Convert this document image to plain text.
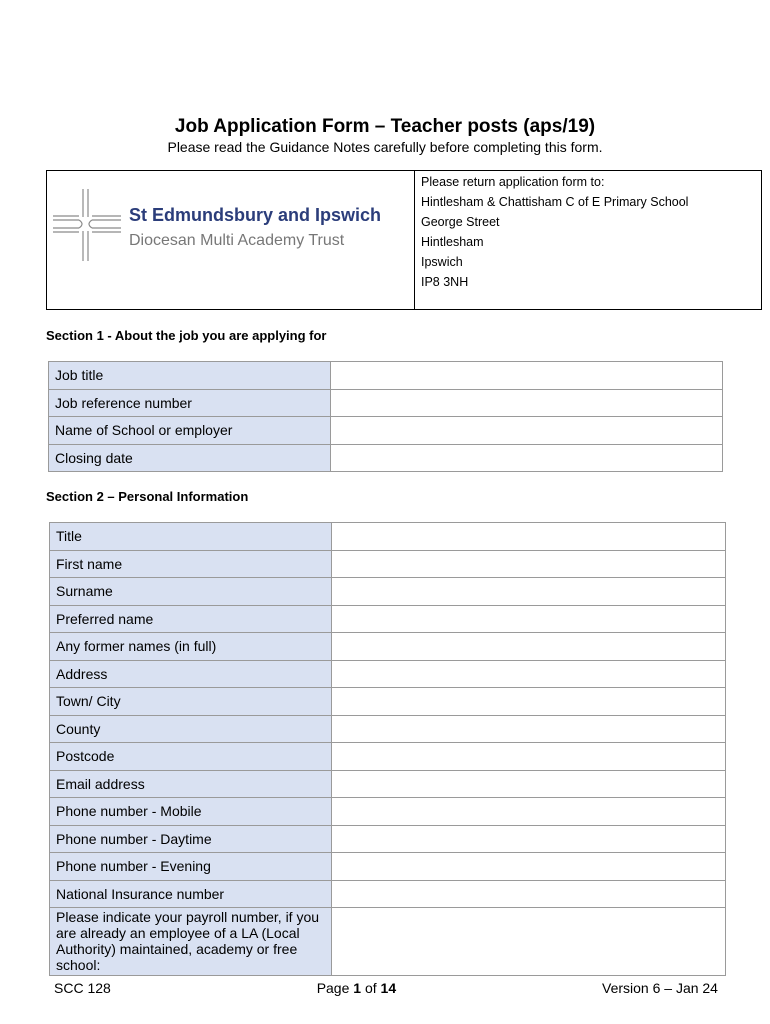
Job Application Form – Teacher posts (aps/19)
Please read the Guidance Notes carefully before completing this form.
St Edmundsbury and Ipswich
Diocesan Multi Academy Trust
Please return application form to:
Hintlesham & Chattisham C of E Primary School
George Street
Hintlesham
Ipswich
IP8 3NH
Section 1 - About the job you are applying for
Job title	
Job reference number	
Name of School or employer	
Closing date	
Section 2 – Personal Information
Title	
First name	
Surname	
Preferred name	
Any former names (in full)	
Address	
Town/ City	
County	
Postcode	
Email address	
Phone number - Mobile	
Phone number - Daytime	
Phone number - Evening	
National Insurance number	
Please indicate your payroll number, if you are already an employee of a LA (Local Authority) maintained, academy or free school:	
SCC 128	Page 1 of 14	Version 6 – Jan 24
